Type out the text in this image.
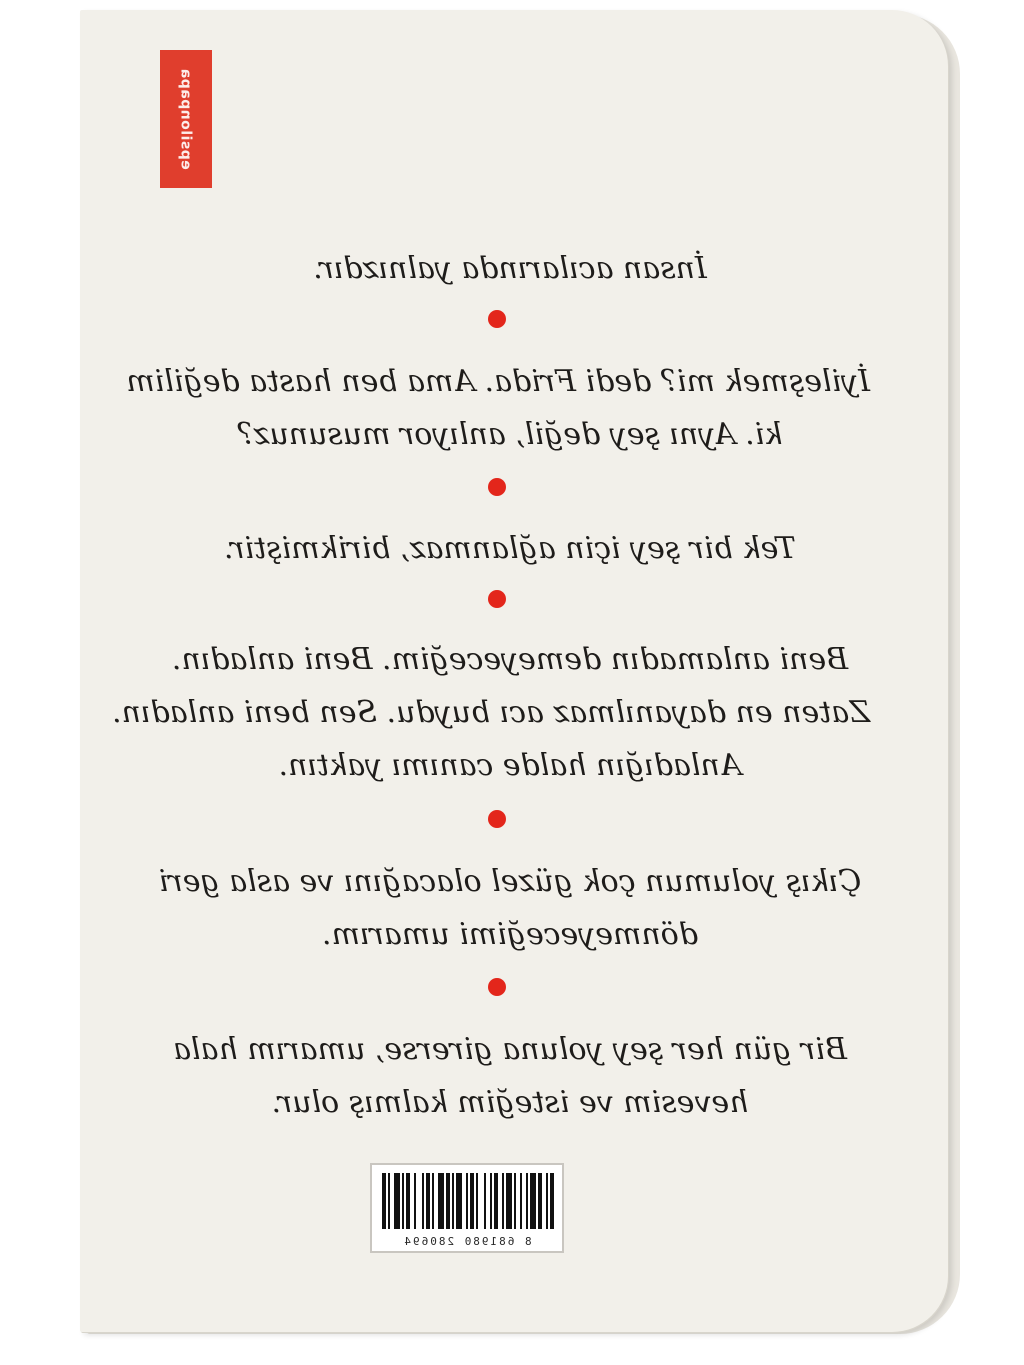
epsilonpapa
İnsan acılarında yalnızdır.
İyileşmek mi? dedi Frida. Ama ben hasta değilim
ki. Aynı şey değil, anlıyor musunuz?
Tek bir şey için ağlanmaz, birikmiştir.
Beni anlamadın demeyeceğim. Beni anladın.
Zaten en dayanılmaz acı buydu. Sen beni anladın.
Anladığın halde canımı yaktın.
Çıkış yolumun çok güzel olacağını ve asla geri
dönmeyeceğimi umarım.
Bir gün her şey yoluna girerse, umarım hala
hevesim ve isteğim kalmış olur.
8 681980 280694
